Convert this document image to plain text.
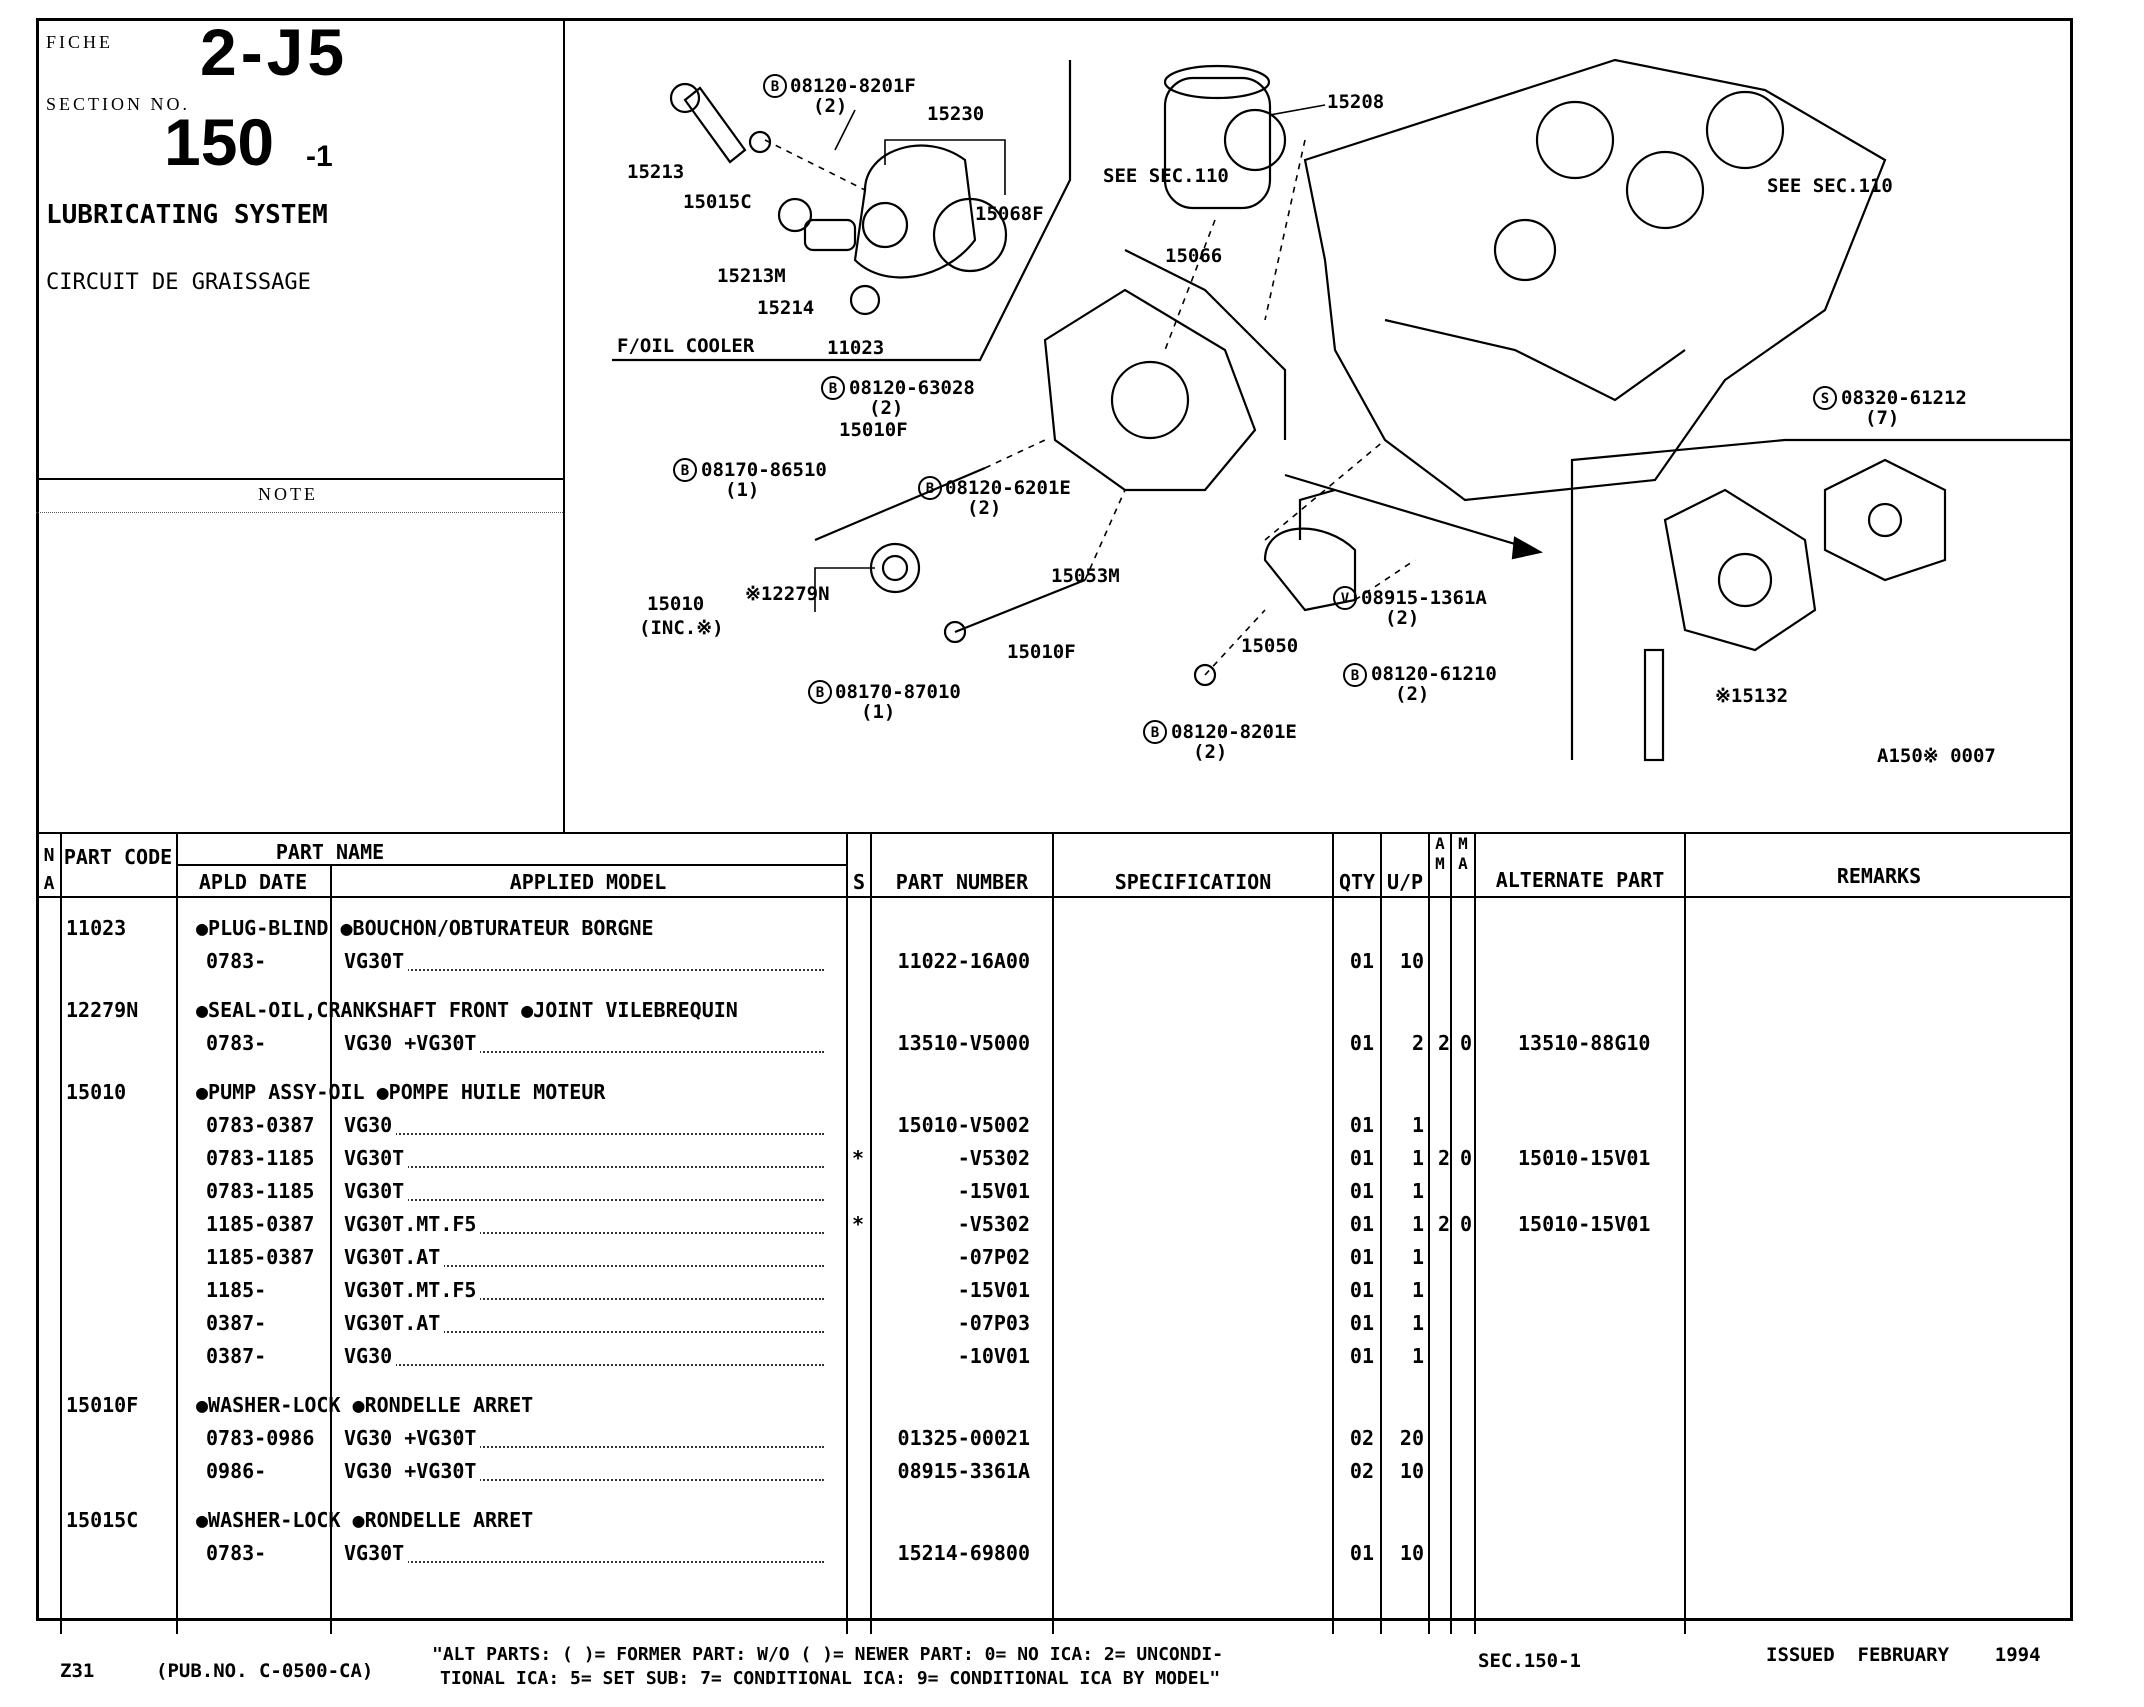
FICHE 2-J5
SECTION NO.
150 -1
LUBRICATING SYSTEM
CIRCUIT DE GRAISSAGE
NOTE
B
B
B
B
S
V
B
B
B
08120-8201F
(2)	15230
15213
15015C
15068F
15213M
15214
F/OIL COOLER	11023
15208
SEE SEC.110	SEE SEC.110
15066
08120-63028
(2)
15010F
08170-86510
(1)	08120-6201E
(2)
08320-61212
(7)
15010
(INC.※)
※12279N
15053M
08915-1361A
(2)
15050
15010F
08120-61210
(2)
08170-87010
(1)
08120-8201E
(2)
※15132
A150※ 0007
N A
PART CODE	PART NAME
APLD DATE	APPLIED MODEL	S	PART NUMBER	SPECIFICATION	QTY U/P
A M
M A
ALTERNATE PART	REMARKS
11023	●PLUG-BLIND ●BOUCHON/OBTURATEUR BORGNE
0783-	VG30T	11022-16A00	01	10
12279N	●SEAL-OIL,CRANKSHAFT FRONT ●JOINT VILEBREQUIN
0783-	VG30 +VG30T	13510-V5000	01	2 2 0 13510-88G10
15010	●PUMP ASSY-OIL ●POMPE HUILE MOTEUR
0783-0387 VG30	15010-V5002	01	1
0783-1185 VG30T	*	-V5302	01	1 2 0 15010-15V01
0783-1185 VG30T	-15V01	01	1
1185-0387 VG30T.MT.F5	*	-V5302	01	1 2 0 15010-15V01
1185-0387 VG30T.AT	-07P02	01	1
1185-	VG30T.MT.F5	-15V01	01	1
0387-	VG30T.AT	-07P03	01	1
0387-	VG30	-10V01	01	1
15010F	●WASHER-LOCK ●RONDELLE ARRET
0783-0986 VG30 +VG30T	01325-00021	02	20
0986-	VG30 +VG30T	08915-3361A	02	10
15015C	●WASHER-LOCK ●RONDELLE ARRET
0783-	VG30T	15214-69800	01	10
Z31	(PUB.NO. C-0500-CA)
"ALT PARTS: ( )= FORMER PART: W/O ( )= NEWER PART: 0= NO ICA: 2= UNCONDI-
TIONAL ICA: 5= SET SUB: 7= CONDITIONAL ICA: 9= CONDITIONAL ICA BY MODEL"
SEC.150-1	ISSUED  FEBRUARY    1994
